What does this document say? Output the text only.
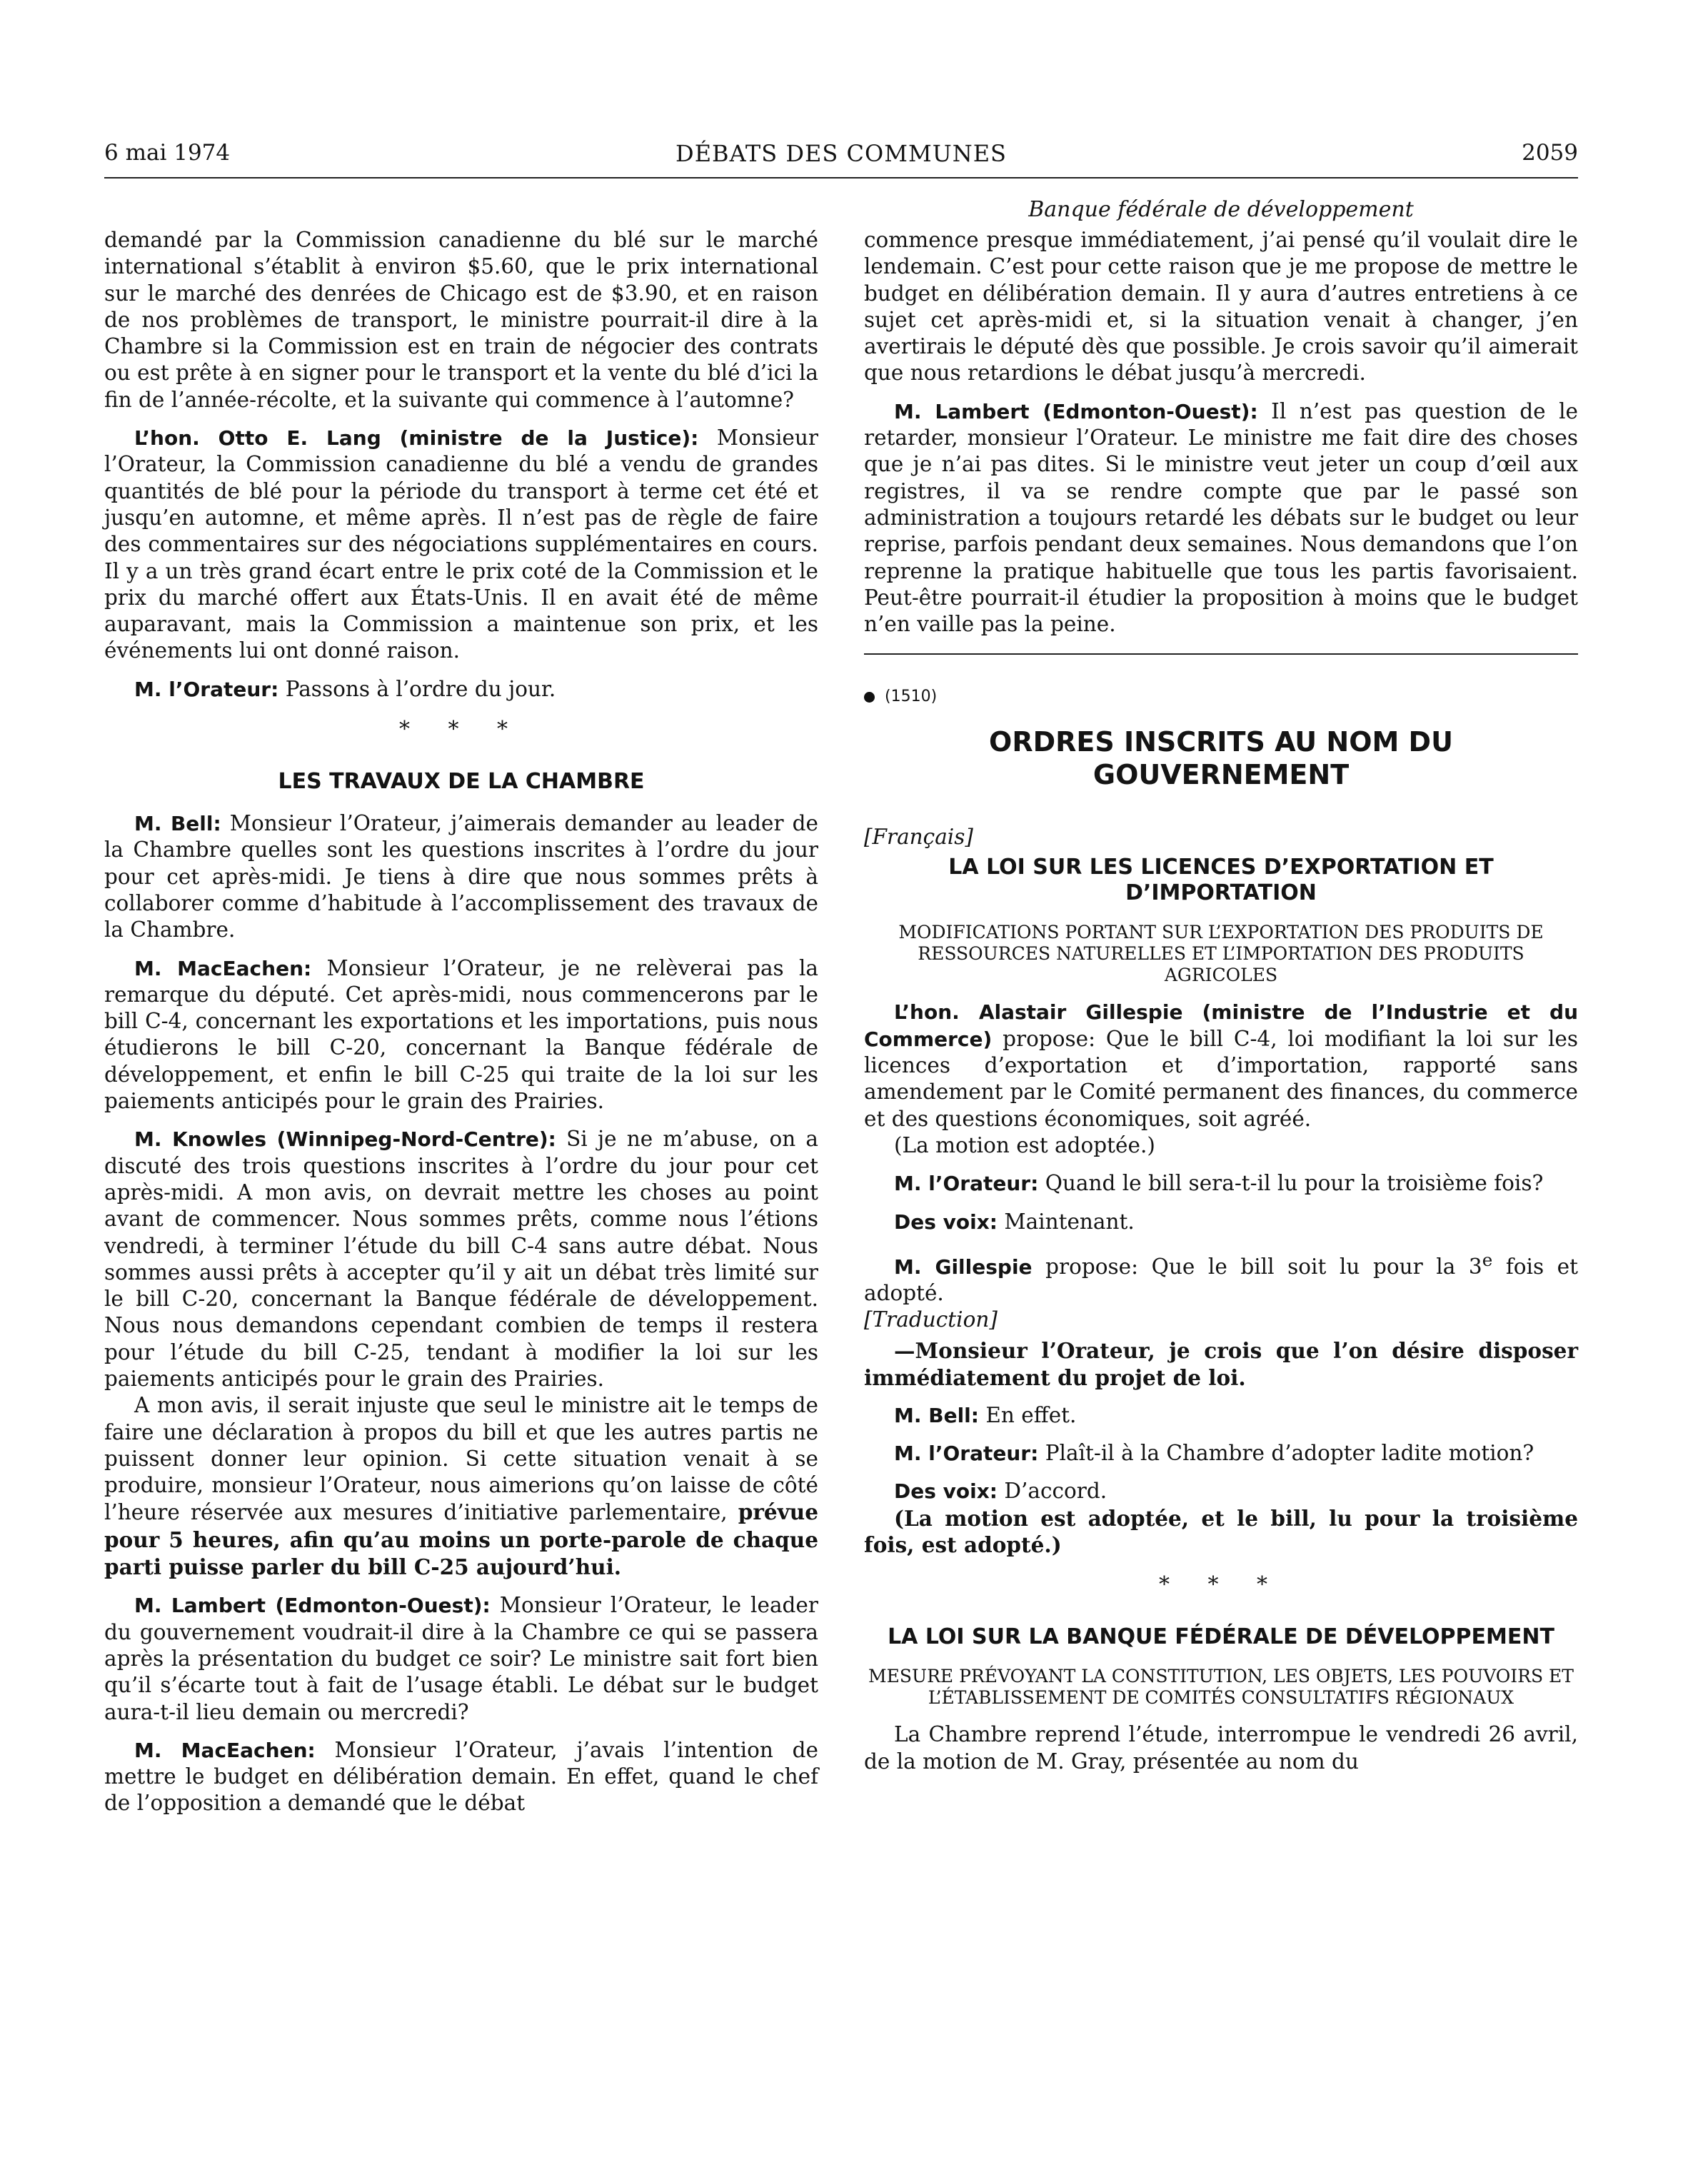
6 mai 1974	DÉBATS DES COMMUNES	2059
Banque fédérale de développement

demandé par la Commission canadienne du blé sur le marché international s’établit à environ $5.60, que le prix international sur le marché des denrées de Chicago est de $3.90, et en raison de nos problèmes de transport, le ministre pourrait-il dire à la Chambre si la Commission est en train de négocier des contrats ou est prête à en signer pour le transport et la vente du blé d’ici la fin de l’année-récolte, et la suivante qui commence à l’automne?

L’hon. Otto E. Lang (ministre de la Justice): Monsieur l’Orateur, la Commission canadienne du blé a vendu de grandes quantités de blé pour la période du transport à terme cet été et jusqu’en automne, et même après. Il n’est pas de règle de faire des commentaires sur des négociations supplémentaires en cours. Il y a un très grand écart entre le prix coté de la Commission et le prix du marché offert aux États-Unis. Il en avait été de même auparavant, mais la Commission a maintenue son prix, et les événements lui ont donné raison.

M. l’Orateur: Passons à l’ordre du jour.

* * *
LES TRAVAUX DE LA CHAMBRE

M. Bell: Monsieur l’Orateur, j’aimerais demander au leader de la Chambre quelles sont les questions inscrites à l’ordre du jour pour cet après-midi. Je tiens à dire que nous sommes prêts à collaborer comme d’habitude à l’accomplissement des travaux de la Chambre.

M. MacEachen: Monsieur l’Orateur, je ne relèverai pas la remarque du député. Cet après-midi, nous commencerons par le bill C-4, concernant les exportations et les importations, puis nous étudierons le bill C-20, concernant la Banque fédérale de développement, et enfin le bill C-25 qui traite de la loi sur les paiements anticipés pour le grain des Prairies.

M. Knowles (Winnipeg-Nord-Centre): Si je ne m’abuse, on a discuté des trois questions inscrites à l’ordre du jour pour cet après-midi. A mon avis, on devrait mettre les choses au point avant de commencer. Nous sommes prêts, comme nous l’étions vendredi, à terminer l’étude du bill C-4 sans autre débat. Nous sommes aussi prêts à accepter qu’il y ait un débat très limité sur le bill C-20, concernant la Banque fédérale de développement. Nous nous demandons cependant combien de temps il restera pour l’étude du bill C-25, tendant à modifier la loi sur les paiements anticipés pour le grain des Prairies.

A mon avis, il serait injuste que seul le ministre ait le temps de faire une déclaration à propos du bill et que les autres partis ne puissent donner leur opinion. Si cette situation venait à se produire, monsieur l’Orateur, nous aimerions qu’on laisse de côté l’heure réservée aux mesures d’initiative parlementaire, prévue pour 5 heures, afin qu’au moins un porte-parole de chaque parti puisse parler du bill C-25 aujourd’hui.

M. Lambert (Edmonton-Ouest): Monsieur l’Orateur, le leader du gouvernement voudrait-il dire à la Chambre ce qui se passera après la présentation du budget ce soir? Le ministre sait fort bien qu’il s’écarte tout à fait de l’usage établi. Le débat sur le budget aura-t-il lieu demain ou mercredi?

M. MacEachen: Monsieur l’Orateur, j’avais l’intention de mettre le budget en délibération demain. En effet, quand le chef de l’opposition a demandé que le débat

commence presque immédiatement, j’ai pensé qu’il voulait dire le lendemain. C’est pour cette raison que je me propose de mettre le budget en délibération demain. Il y aura d’autres entretiens à ce sujet cet après-midi et, si la situation venait à changer, j’en avertirais le député dès que possible. Je crois savoir qu’il aimerait que nous retardions le débat jusqu’à mercredi.

M. Lambert (Edmonton-Ouest): Il n’est pas question de le retarder, monsieur l’Orateur. Le ministre me fait dire des choses que je n’ai pas dites. Si le ministre veut jeter un coup d’œil aux registres, il va se rendre compte que par le passé son administration a toujours retardé les débats sur le budget ou leur reprise, parfois pendant deux semaines. Nous demandons que l’on reprenne la pratique habituelle que tous les partis favorisaient. Peut-être pourrait-il étudier la proposition à moins que le budget n’en vaille pas la peine.

(1510)
ORDRES INSCRITS AU NOM DU
GOUVERNEMENT
[Français]
LA LOI SUR LES LICENCES D’EXPORTATION ET D’IMPORTATION
MODIFICATIONS PORTANT SUR L’EXPORTATION DES PRODUITS DE RESSOURCES NATURELLES ET L’IMPORTATION DES PRODUITS AGRICOLES

L’hon. Alastair Gillespie (ministre de l’Industrie et du Commerce) propose: Que le bill C-4, loi modifiant la loi sur les licences d’exportation et d’importation, rapporté sans amendement par le Comité permanent des finances, du commerce et des questions économiques, soit agréé.

(La motion est adoptée.)

M. l’Orateur: Quand le bill sera-t-il lu pour la troisième fois?

Des voix: Maintenant.

M. Gillespie propose: Que le bill soit lu pour la 3e fois et adopté.

[Traduction]

—Monsieur l’Orateur, je crois que l’on désire disposer immédiatement du projet de loi.

M. Bell: En effet.

M. l’Orateur: Plaît-il à la Chambre d’adopter ladite motion?

Des voix: D’accord.

(La motion est adoptée, et le bill, lu pour la troisième fois, est adopté.)

* * *
LA LOI SUR LA BANQUE FÉDÉRALE DE DÉVELOPPEMENT
MESURE PRÉVOYANT LA CONSTITUTION, LES OBJETS, LES POUVOIRS ET L’ÉTABLISSEMENT DE COMITÉS CONSULTATIFS RÉGIONAUX

La Chambre reprend l’étude, interrompue le vendredi 26 avril, de la motion de M. Gray, présentée au nom du
